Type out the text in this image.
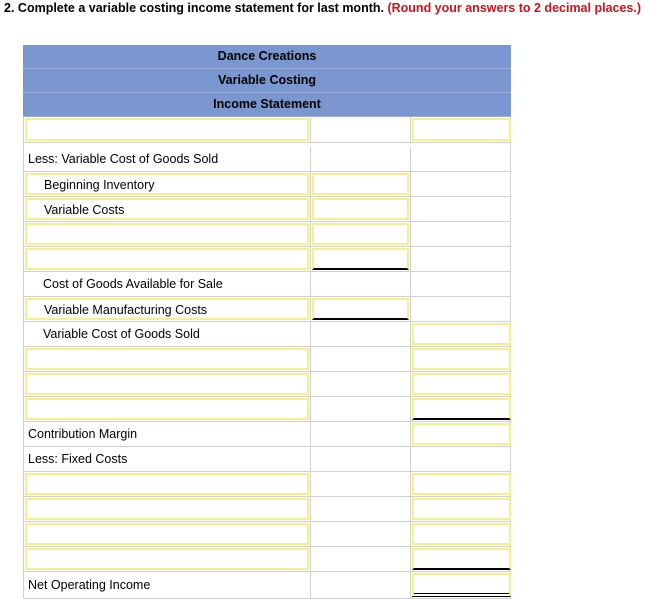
2. Complete a variable costing income statement for last month. (Round your answers to 2 decimal places.)
Dance Creations
Variable Costing
Income Statement
Less: Variable Cost of Goods Sold
Beginning Inventory
Variable Costs
Cost of Goods Available for Sale
Variable Manufacturing Costs
Variable Cost of Goods Sold
Contribution Margin
Less: Fixed Costs
Net Operating Income
